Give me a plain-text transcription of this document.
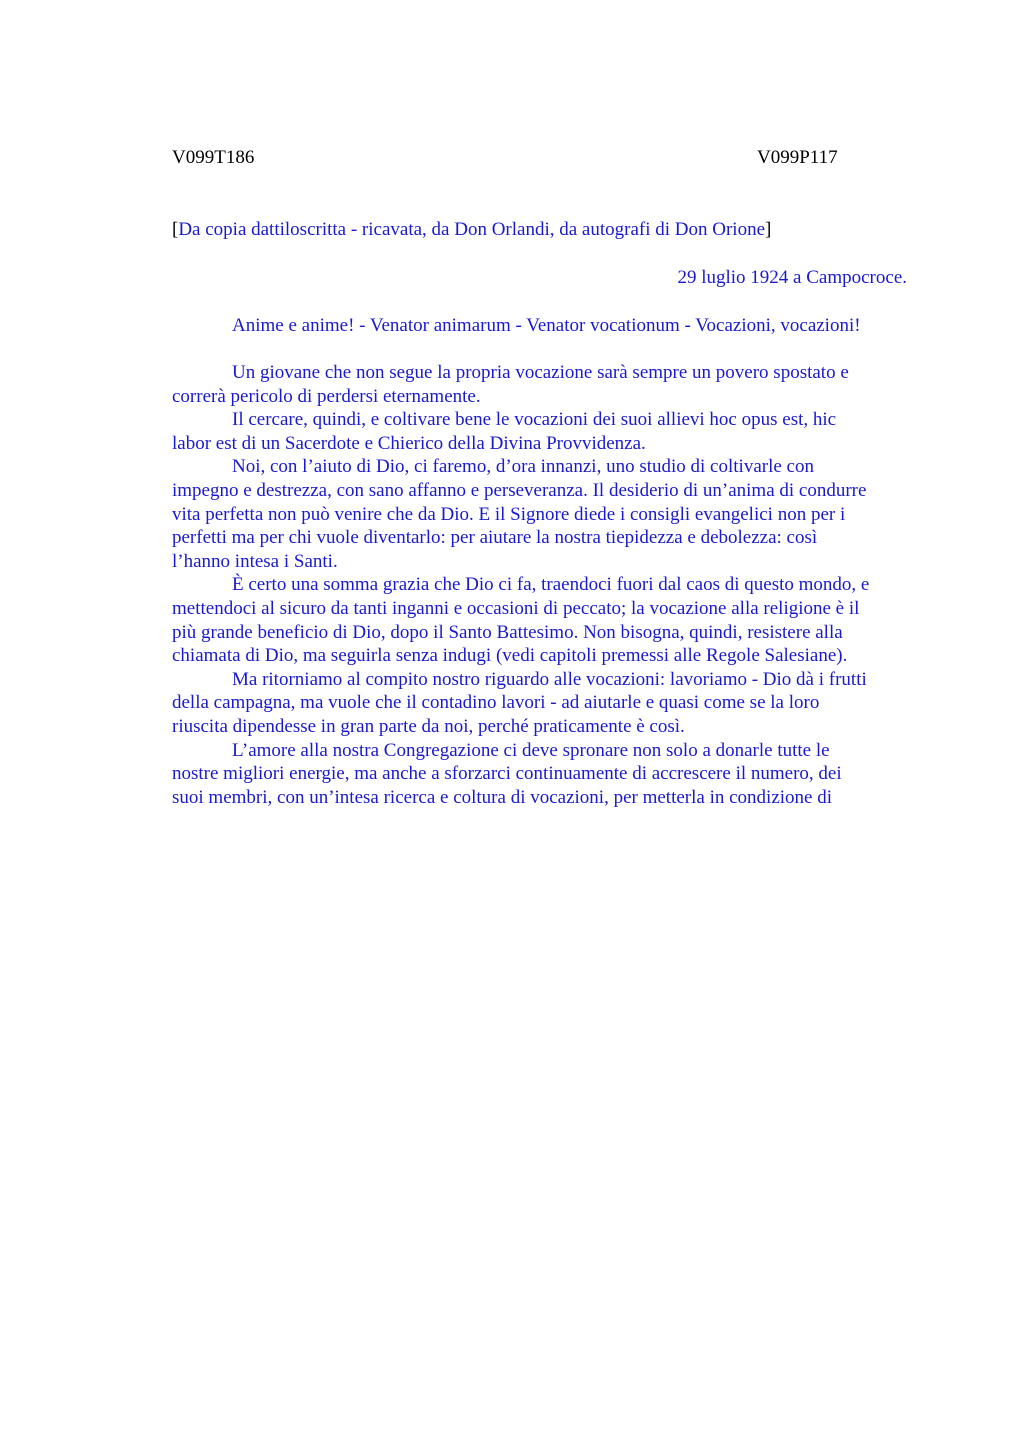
V099T186	V099P117
[Da copia dattiloscritta - ricavata, da Don Orlandi, da autografi di Don Orione]
29 luglio 1924 a Campocroce.
Anime e anime! - Venator animarum - Venator vocationum - Vocazioni, vocazioni!
Un giovane che non segue la propria vocazione sarà sempre un povero spostato e
correrà pericolo di perdersi eternamente.
Il cercare, quindi, e coltivare bene le vocazioni dei suoi allievi hoc opus est, hic
labor est di un Sacerdote e Chierico della Divina Provvidenza.
Noi, con l’aiuto di Dio, ci faremo, d’ora innanzi, uno studio di coltivarle con
impegno e destrezza, con sano affanno e perseveranza. Il desiderio di un’anima di condurre
vita perfetta non può venire che da Dio. E il Signore diede i consigli evangelici non per i
perfetti ma per chi vuole diventarlo: per aiutare la nostra tiepidezza e debolezza: così
l’hanno intesa i Santi.
È certo una somma grazia che Dio ci fa, traendoci fuori dal caos di questo mondo, e
mettendoci al sicuro da tanti inganni e occasioni di peccato; la vocazione alla religione è il
più grande beneficio di Dio, dopo il Santo Battesimo. Non bisogna, quindi, resistere alla
chiamata di Dio, ma seguirla senza indugi (vedi capitoli premessi alle Regole Salesiane).
Ma ritorniamo al compito nostro riguardo alle vocazioni: lavoriamo - Dio dà i frutti
della campagna, ma vuole che il contadino lavori - ad aiutarle e quasi come se la loro
riuscita dipendesse in gran parte da noi, perché praticamente è così.
L’amore alla nostra Congregazione ci deve spronare non solo a donarle tutte le
nostre migliori energie, ma anche a sforzarci continuamente di accrescere il numero, dei
suoi membri, con un’intesa ricerca e coltura di vocazioni, per metterla in condizione di
